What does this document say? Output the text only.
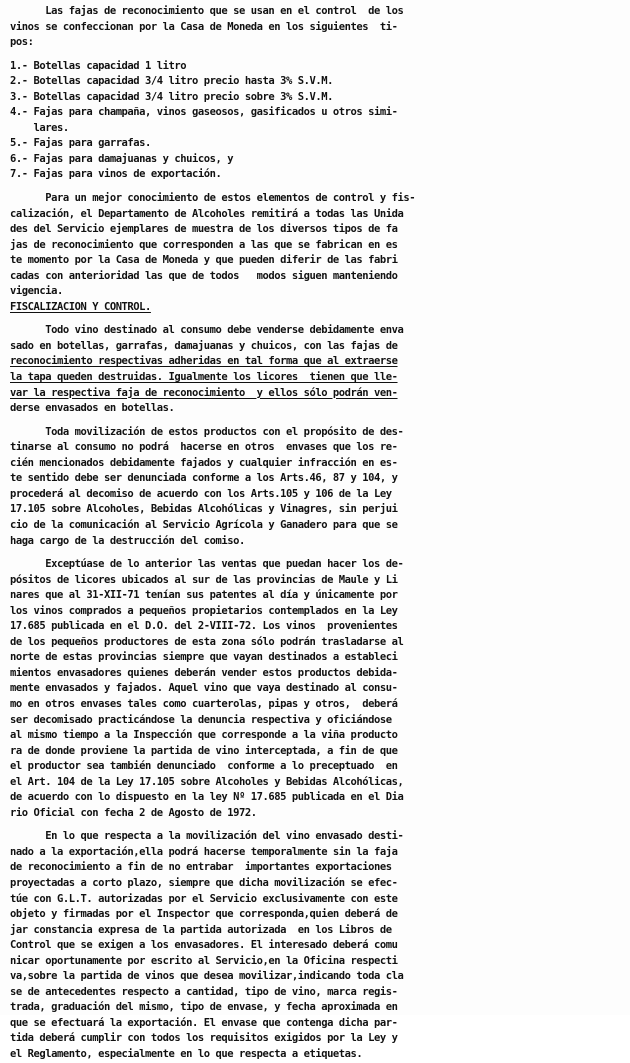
Las fajas de reconocimiento que se usan en el control  de los
vinos se confeccionan por la Casa de Moneda en los siguientes  ti-
pos:
1.- Botellas capacidad 1 litro
2.- Botellas capacidad 3/4 litro precio hasta 3% S.V.M.
3.- Botellas capacidad 3/4 litro precio sobre 3% S.V.M.
4.- Fajas para champaña, vinos gaseosos, gasificados u otros simi-
lares.
5.- Fajas para garrafas.
6.- Fajas para damajuanas y chuicos, y
7.- Fajas para vinos de exportación.
Para un mejor conocimiento de estos elementos de control y fis-
calización, el Departamento de Alcoholes remitirá a todas las Unida
des del Servicio ejemplares de muestra de los diversos tipos de fa
jas de reconocimiento que corresponden a las que se fabrican en es
te momento por la Casa de Moneda y que pueden diferir de las fabri
cadas con anterioridad las que de todos   modos siguen manteniendo
vigencia.
FISCALIZACION Y CONTROL.
Todo vino destinado al consumo debe venderse debidamente enva
sado en botellas, garrafas, damajuanas y chuicos, con las fajas de
reconocimiento respectivas adheridas en tal forma que al extraerse
la tapa queden destruidas. Igualmente los licores  tienen que lle-
var la respectiva faja de reconocimiento  y ellos sólo podrán ven-
derse envasados en botellas.
Toda movilización de estos productos con el propósito de des-
tinarse al consumo no podrá  hacerse en otros  envases que los re-
cién mencionados debidamente fajados y cualquier infracción en es-
te sentido debe ser denunciada conforme a los Arts.46, 87 y 104, y
procederá al decomiso de acuerdo con los Arts.105 y 106 de la Ley
17.105 sobre Alcoholes, Bebidas Alcohólicas y Vinagres, sin perjui
cio de la comunicación al Servicio Agrícola y Ganadero para que se
haga cargo de la destrucción del comiso.
Exceptúase de lo anterior las ventas que puedan hacer los de-
pósitos de licores ubicados al sur de las provincias de Maule y Li
nares que al 31-XII-71 tenían sus patentes al día y únicamente por
los vinos comprados a pequeños propietarios contemplados en la Ley
17.685 publicada en el D.O. del 2-VIII-72. Los vinos  provenientes
de los pequeños productores de esta zona sólo podrán trasladarse al
norte de estas provincias siempre que vayan destinados a estableci
mientos envasadores quienes deberán vender estos productos debida-
mente envasados y fajados. Aquel vino que vaya destinado al consu-
mo en otros envases tales como cuarterolas, pipas y otros,  deberá
ser decomisado practicándose la denuncia respectiva y oficiándose
al mismo tiempo a la Inspección que corresponde a la viña producto
ra de donde proviene la partida de vino interceptada, a fin de que
el productor sea también denunciado  conforme a lo preceptuado  en
el Art. 104 de la Ley 17.105 sobre Alcoholes y Bebidas Alcohólicas,
de acuerdo con lo dispuesto en la ley Nº 17.685 publicada en el Dia
rio Oficial con fecha 2 de Agosto de 1972.
En lo que respecta a la movilización del vino envasado desti-
nado a la exportación,ella podrá hacerse temporalmente sin la faja
de reconocimiento a fin de no entrabar  importantes exportaciones
proyectadas a corto plazo, siempre que dicha movilización se efec-
túe con G.L.T. autorizadas por el Servicio exclusivamente con este
objeto y firmadas por el Inspector que corresponda,quien deberá de
jar constancia expresa de la partida autorizada  en los Libros de
Control que se exigen a los envasadores. El interesado deberá comu
nicar oportunamente por escrito al Servicio,en la Oficina respecti
va,sobre la partida de vinos que desea movilizar,indicando toda cla
se de antecedentes respecto a cantidad, tipo de vino, marca regis-
trada, graduación del mismo, tipo de envase, y fecha aproximada en
que se efectuará la exportación. El envase que contenga dicha par-
tida deberá cumplir con todos los requisitos exigidos por la Ley y
el Reglamento, especialmente en lo que respecta a etiquetas.
